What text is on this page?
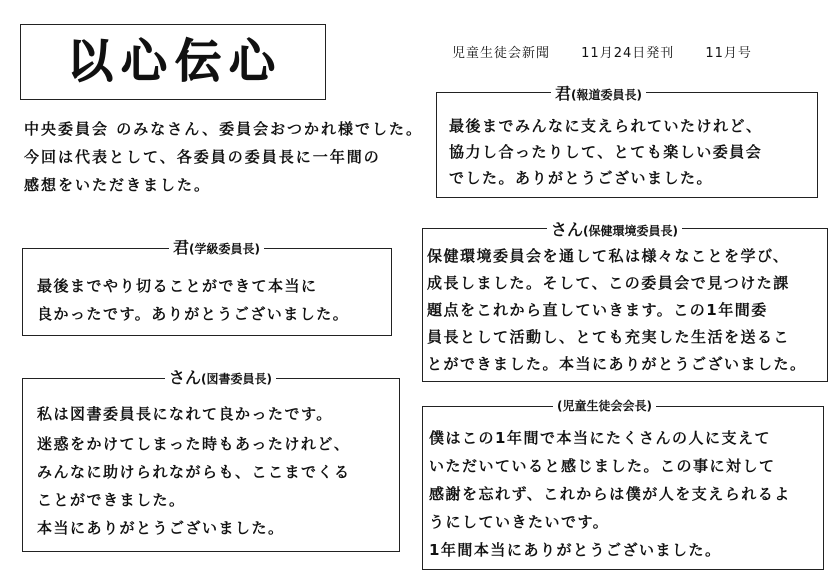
以心伝心	児童生徒会新聞 11月24日発刊 11月号
中央委員会 のみなさん、委員会おつかれ様でした。
今回は代表として、各委員の委員長に一年間の
感想をいただきました。
君(報道委員長)
最後までみんなに支えられていたけれど、
協力し合ったりして、とても楽しい委員会
でした。ありがとうございました。
君(学級委員長)
最後までやり切ることができて本当に
良かったです。ありがとうございました。
さん(保健環境委員長)
保健環境委員会を通して私は様々なことを学び、
成長しました。そして、この委員会で見つけた課
題点をこれから直していきます。この1年間委
員長として活動し、とても充実した生活を送るこ
とができました。本当にありがとうございました。
さん(図書委員長)
私は図書委員長になれて良かったです。
迷惑をかけてしまった時もあったけれど、
みんなに助けられながらも、ここまでくる
ことができました。
本当にありがとうございました。
(児童生徒会会長)
僕はこの1年間で本当にたくさんの人に支えて
いただいていると感じました。この事に対して
感謝を忘れず、これからは僕が人を支えられるよ
うにしていきたいです。
1年間本当にありがとうございました。
